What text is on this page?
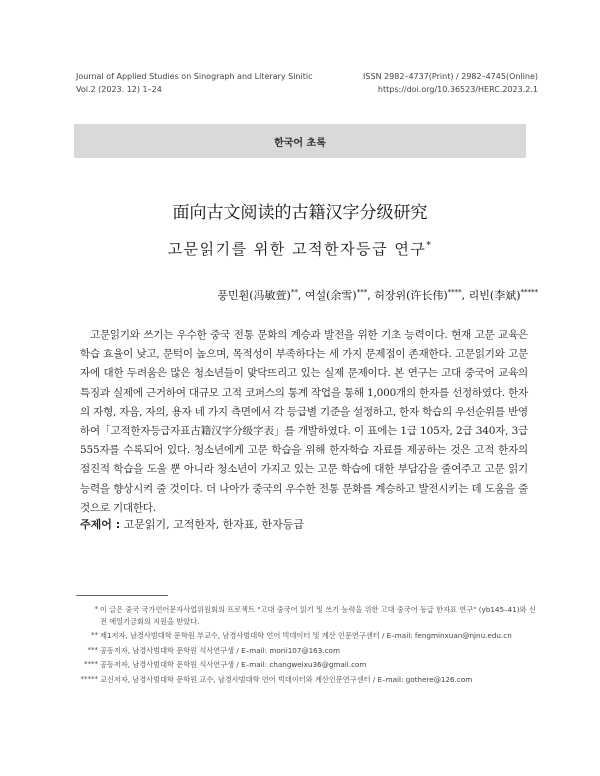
Journal of Applied Studies on Sinograph and Literary Sinitic
Vol.2 (2023. 12) 1–24
ISSN 2982–4737(Print) / 2982–4745(Online)
https://doi.org/10.36523/HERC.2023.2.1
한국어 초록
面向古文阅读的古籍汉字分级研究
고문읽기를 위한 고적한자등급 연구*
풍민훤(冯敏萱)**, 여설(余雪)***, 허장위(许长伟)****, 리빈(李斌)*****
고문읽기와 쓰기는 우수한 중국 전통 문화의 계승과 발전을 위한 기초 능력이다. 현재 고문 교육은 학습 효율이 낮고, 문턱이 높으며, 목적성이 부족하다는 세 가지 문제점이 존재한다. 고문읽기와 고문자에 대한 두려움은 많은 청소년들이 맞닥뜨리고 있는 실제 문제이다. 본 연구는 고대 중국어 교육의 특징과 실제에 근거하여 대규모 고적 코퍼스의 통계 작업을 통해 1,000개의 한자를 선정하였다. 한자의 자형, 자음, 자의, 용자 네 가지 측면에서 각 등급별 기준을 설정하고, 한자 학습의 우선순위를 반영하여「고적한자등급자표古籍汉字分级字表」를 개발하였다. 이 표에는 1급 105자, 2급 340자, 3급 555자를 수록되어 있다. 청소년에게 고문 학습을 위해 한자학습 자료를 제공하는 것은 고적 한자의 점진적 학습을 도울 뿐 아니라 청소년이 가지고 있는 고문 학습에 대한 부담감을 줄여주고 고문 읽기 능력을 향상시켜 줄 것이다. 더 나아가 중국의 우수한 전통 문화를 계승하고 발전시키는 데 도움을 줄 것으로 기대한다.
주제어 : 고문읽기, 고적한자, 한자표, 한자등급
* 이 글은 중국 국가언어문자사업위원회의 프로젝트 "고대 중국어 읽기 및 쓰기 능력을 위한 고대 중국어 등급 한자표 연구" (yb145–41)와 신전 애열기금회의 지원을 받았다.
** 제1저자, 남경사범대학 문학원 부교수, 남경사범대학 언어 빅데이터 및 계산 인문연구센터 / E–mail: fengminxuan@njnu.edu.cn
*** 공동저자, 남경사범대학 문학원 석사연구생 / E–mail: morii107@163.com
**** 공동저자, 남경사범대학 문학원 석사연구생 / E–mail: changweixu36@gmail.com
***** 교신저자, 남경사범대학 문학원 교수, 남경사범대학 언어 빅데이터와 계산인문연구센터 / E–mail: gothere@126.com
